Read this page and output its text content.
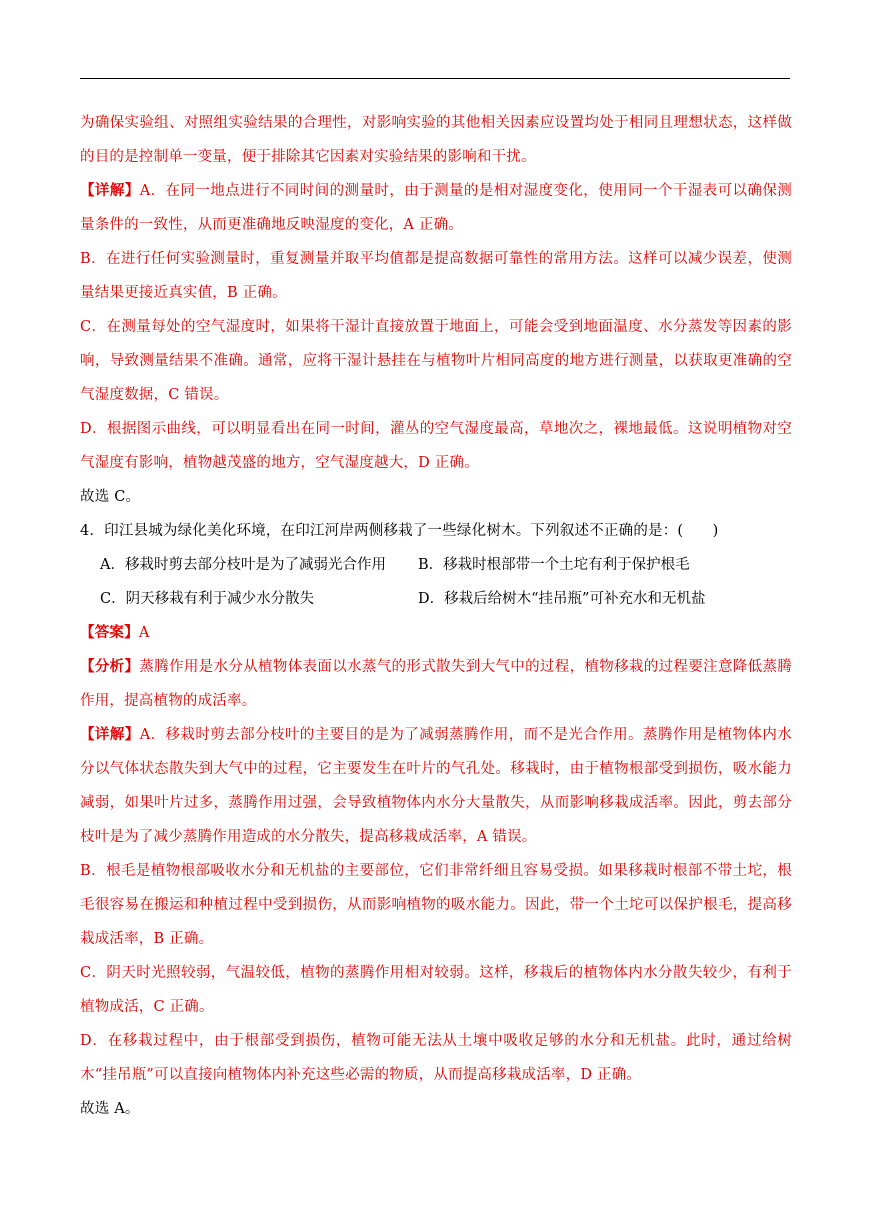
为确保实验组、对照组实验结果的合理性，对影响实验的其他相关因素应设置均处于相同且理想状态，这样做的目的是控制单一变量，便于排除其它因素对实验结果的影响和干扰。

【详解】A．在同一地点进行不同时间的测量时，由于测量的是相对湿度变化，使用同一个干湿表可以确保测量条件的一致性，从而更准确地反映湿度的变化，A 正确。

B．在进行任何实验测量时，重复测量并取平均值都是提高数据可靠性的常用方法。这样可以减少误差，使测量结果更接近真实值，B 正确。

C．在测量每处的空气湿度时，如果将干湿计直接放置于地面上，可能会受到地面温度、水分蒸发等因素的影响，导致测量结果不准确。通常，应将干湿计悬挂在与植物叶片相同高度的地方进行测量，以获取更准确的空气湿度数据，C 错误。

D．根据图示曲线，可以明显看出在同一时间，灌丛的空气湿度最高，草地次之，裸地最低。这说明植物对空气湿度有影响，植物越茂盛的地方，空气湿度越大，D 正确。

故选 C。

4．印江县城为绿化美化环境，在印江河岸两侧移栽了一些绿化树木。下列叙述不正确的是：(　　)

A．移栽时剪去部分枝叶是为了减弱光合作用	B．移栽时根部带一个土坨有利于保护根毛
C．阴天移栽有利于减少水分散失	D．移栽后给树木“挂吊瓶”可补充水和无机盐

【答案】A

【分析】蒸腾作用是水分从植物体表面以水蒸气的形式散失到大气中的过程，植物移栽的过程要注意降低蒸腾作用，提高植物的成活率。

【详解】A．移栽时剪去部分枝叶的主要目的是为了减弱蒸腾作用，而不是光合作用。蒸腾作用是植物体内水分以气体状态散失到大气中的过程，它主要发生在叶片的气孔处。移栽时，由于植物根部受到损伤，吸水能力减弱，如果叶片过多，蒸腾作用过强，会导致植物体内水分大量散失，从而影响移栽成活率。因此，剪去部分枝叶是为了减少蒸腾作用造成的水分散失，提高移栽成活率，A 错误。

B．根毛是植物根部吸收水分和无机盐的主要部位，它们非常纤细且容易受损。如果移栽时根部不带土坨，根毛很容易在搬运和种植过程中受到损伤，从而影响植物的吸水能力。因此，带一个土坨可以保护根毛，提高移栽成活率，B 正确。

C．阴天时光照较弱，气温较低，植物的蒸腾作用相对较弱。这样，移栽后的植物体内水分散失较少，有利于植物成活，C 正确。

D．在移栽过程中，由于根部受到损伤，植物可能无法从土壤中吸收足够的水分和无机盐。此时，通过给树木“挂吊瓶”可以直接向植物体内补充这些必需的物质，从而提高移栽成活率，D 正确。

故选 A。
